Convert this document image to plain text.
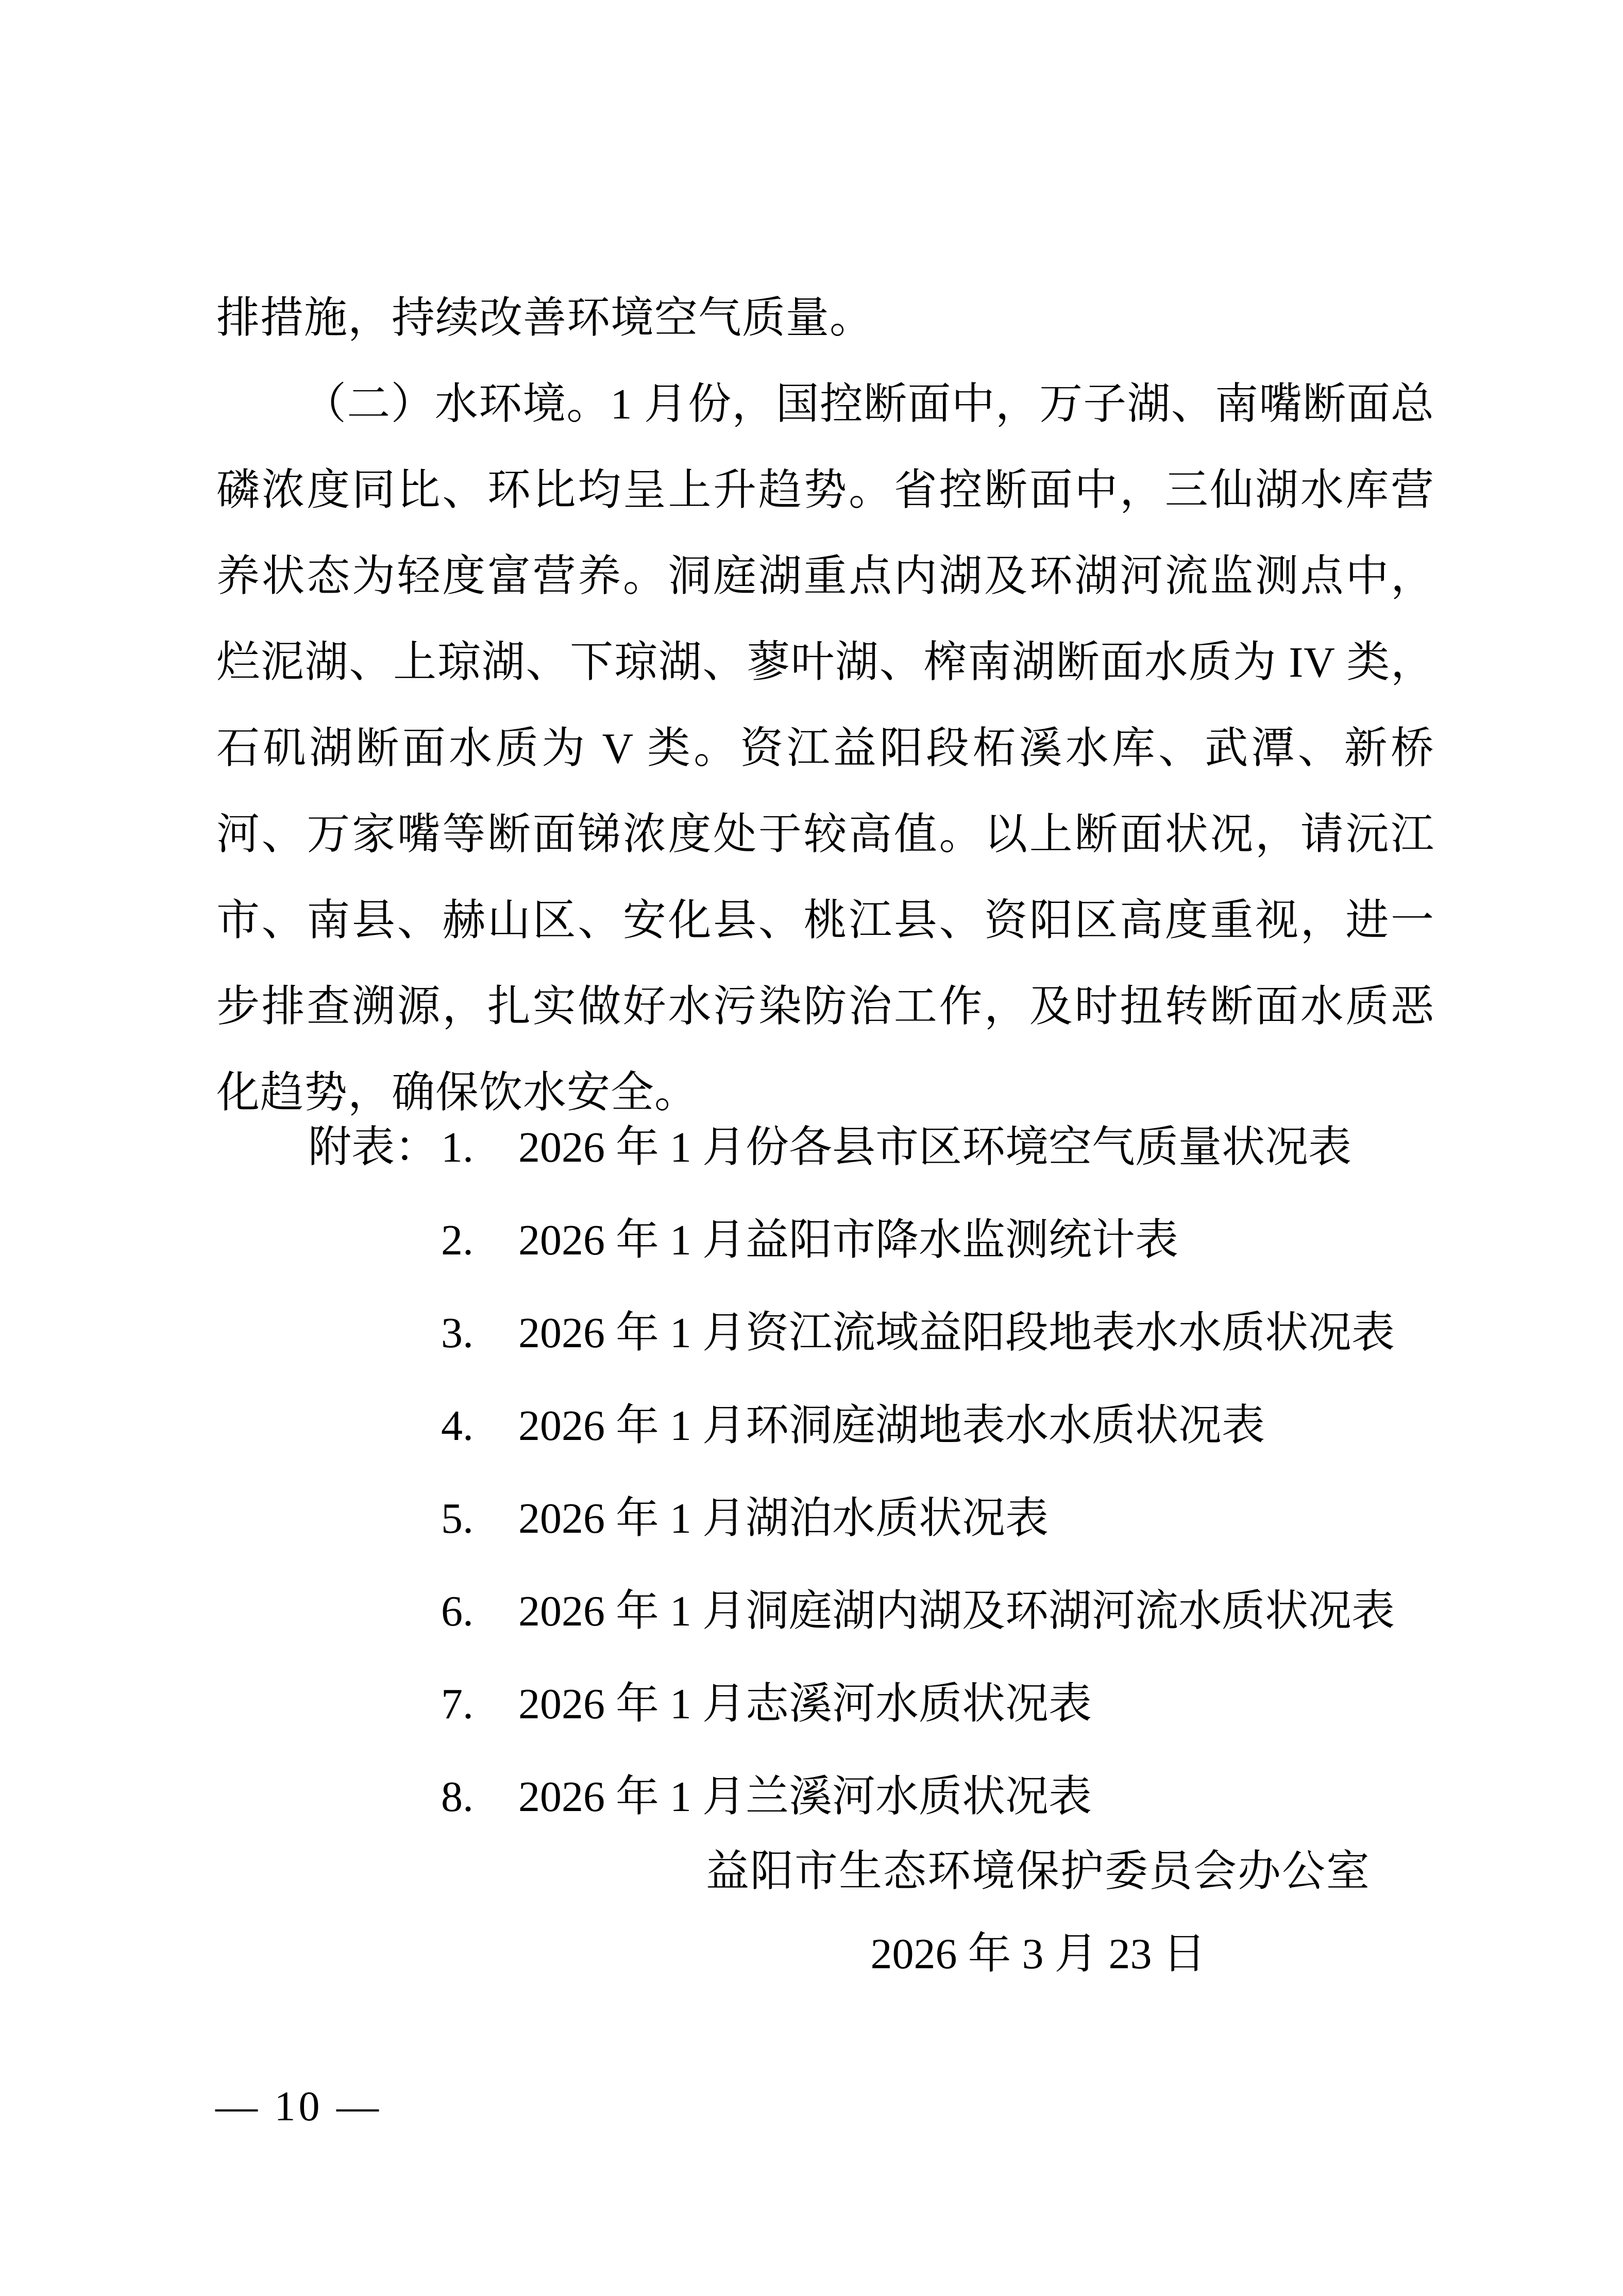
排措施，持续改善环境空气质量。

（二）水环境。1 月份，国控断面中，万子湖、南嘴断面总磷浓度同比、环比均呈上升趋势。省控断面中，三仙湖水库营养状态为轻度富营养。洞庭湖重点内湖及环湖河流监测点中，烂泥湖、上琼湖、下琼湖、蓼叶湖、榨南湖断面水质为 IV 类，石矶湖断面水质为 V 类。资江益阳段柘溪水库、武潭、新桥河、万家嘴等断面锑浓度处于较高值。以上断面状况，请沅江市、南县、赫山区、安化县、桃江县、资阳区高度重视，进一步排查溯源，扎实做好水污染防治工作，及时扭转断面水质恶化趋势，确保饮水安全。

附表： 1. 2026 年 1 月份各县市区环境空气质量状况表
2. 2026 年 1 月益阳市降水监测统计表
3. 2026 年 1 月资江流域益阳段地表水水质状况表
4. 2026 年 1 月环洞庭湖地表水水质状况表
5. 2026 年 1 月湖泊水质状况表
6. 2026 年 1 月洞庭湖内湖及环湖河流水质状况表
7. 2026 年 1 月志溪河水质状况表
8. 2026 年 1 月兰溪河水质状况表
益阳市生态环境保护委员会办公室
2026 年 3 月 23 日
— 10 —
